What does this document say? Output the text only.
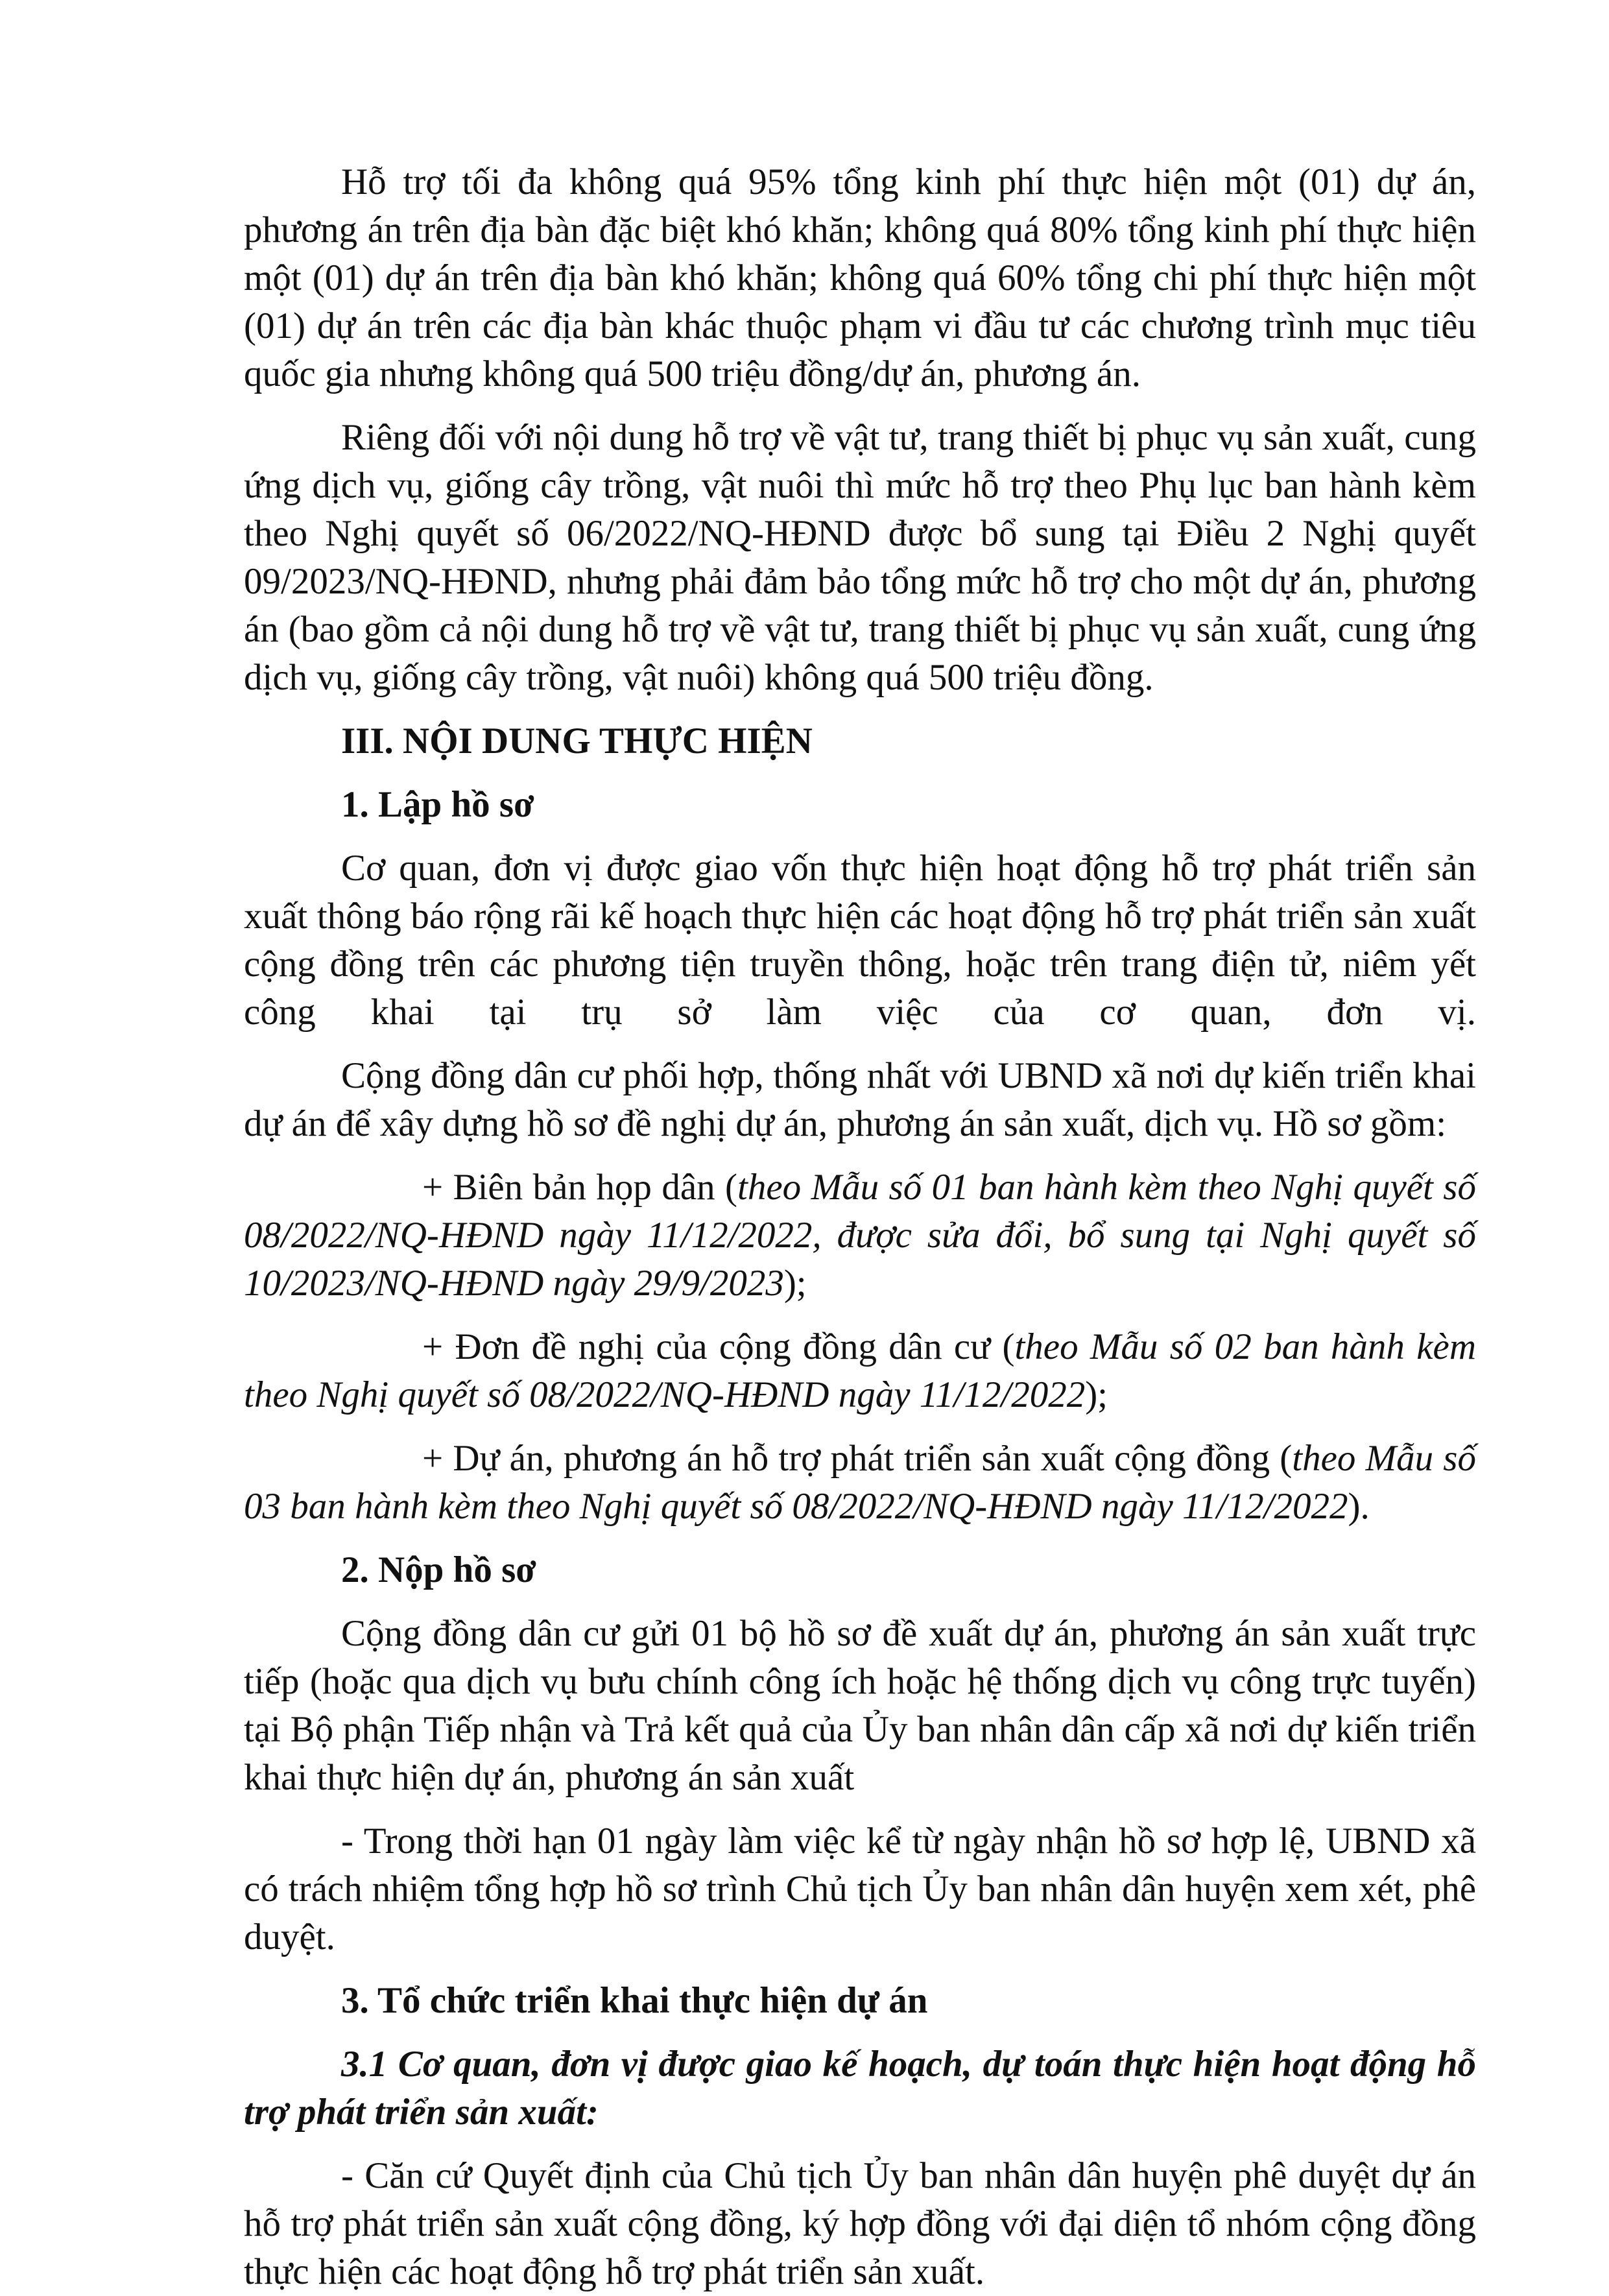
Hỗ trợ tối đa không quá 95% tổng kinh phí thực hiện một (01) dự án, phương án trên địa bàn đặc biệt khó khăn; không quá 80% tổng kinh phí thực hiện một (01) dự án trên địa bàn khó khăn; không quá 60% tổng chi phí thực hiện một (01) dự án trên các địa bàn khác thuộc phạm vi đầu tư các chương trình mục tiêu quốc gia nhưng không quá 500 triệu đồng/dự án, phương án.

Riêng đối với nội dung hỗ trợ về vật tư, trang thiết bị phục vụ sản xuất, cung ứng dịch vụ, giống cây trồng, vật nuôi thì mức hỗ trợ theo Phụ lục ban hành kèm theo Nghị quyết số 06/2022/NQ-HĐND được bổ sung tại Điều 2 Nghị quyết 09/2023/NQ-HĐND, nhưng phải đảm bảo tổng mức hỗ trợ cho một dự án, phương án (bao gồm cả nội dung hỗ trợ về vật tư, trang thiết bị phục vụ sản xuất, cung ứng dịch vụ, giống cây trồng, vật nuôi) không quá 500 triệu đồng.

III. NỘI DUNG THỰC HIỆN

1. Lập hồ sơ

Cơ quan, đơn vị được giao vốn thực hiện hoạt động hỗ trợ phát triển sản xuất thông báo rộng rãi kế hoạch thực hiện các hoạt động hỗ trợ phát triển sản xuất cộng đồng trên các phương tiện truyền thông, hoặc trên trang điện tử, niêm yết công khai tại trụ sở làm việc của cơ quan, đơn vị.

Cộng đồng dân cư phối hợp, thống nhất với UBND xã nơi dự kiến triển khai dự án để xây dựng hồ sơ đề nghị dự án, phương án sản xuất, dịch vụ. Hồ sơ gồm:

+ Biên bản họp dân (theo Mẫu số 01 ban hành kèm theo Nghị quyết số 08/2022/NQ-HĐND ngày 11/12/2022, được sửa đổi, bổ sung tại Nghị quyết số 10/2023/NQ-HĐND ngày 29/9/2023);

+ Đơn đề nghị của cộng đồng dân cư (theo Mẫu số 02 ban hành kèm theo Nghị quyết số 08/2022/NQ-HĐND ngày 11/12/2022);

+ Dự án, phương án hỗ trợ phát triển sản xuất cộng đồng (theo Mẫu số 03 ban hành kèm theo Nghị quyết số 08/2022/NQ-HĐND ngày 11/12/2022).

2. Nộp hồ sơ

Cộng đồng dân cư gửi 01 bộ hồ sơ đề xuất dự án, phương án sản xuất trực tiếp (hoặc qua dịch vụ bưu chính công ích hoặc hệ thống dịch vụ công trực tuyến) tại Bộ phận Tiếp nhận và Trả kết quả của Ủy ban nhân dân cấp xã nơi dự kiến triển khai thực hiện dự án, phương án sản xuất

- Trong thời hạn 01 ngày làm việc kể từ ngày nhận hồ sơ hợp lệ, UBND xã có trách nhiệm tổng hợp hồ sơ trình Chủ tịch Ủy ban nhân dân huyện xem xét, phê duyệt.

3. Tổ chức triển khai thực hiện dự án

3.1 Cơ quan, đơn vị được giao kế hoạch, dự toán thực hiện hoạt động hỗ trợ phát triển sản xuất:

- Căn cứ Quyết định của Chủ tịch Ủy ban nhân dân huyện phê duyệt dự án hỗ trợ phát triển sản xuất cộng đồng, ký hợp đồng với đại diện tổ nhóm cộng đồng thực hiện các hoạt động hỗ trợ phát triển sản xuất.
